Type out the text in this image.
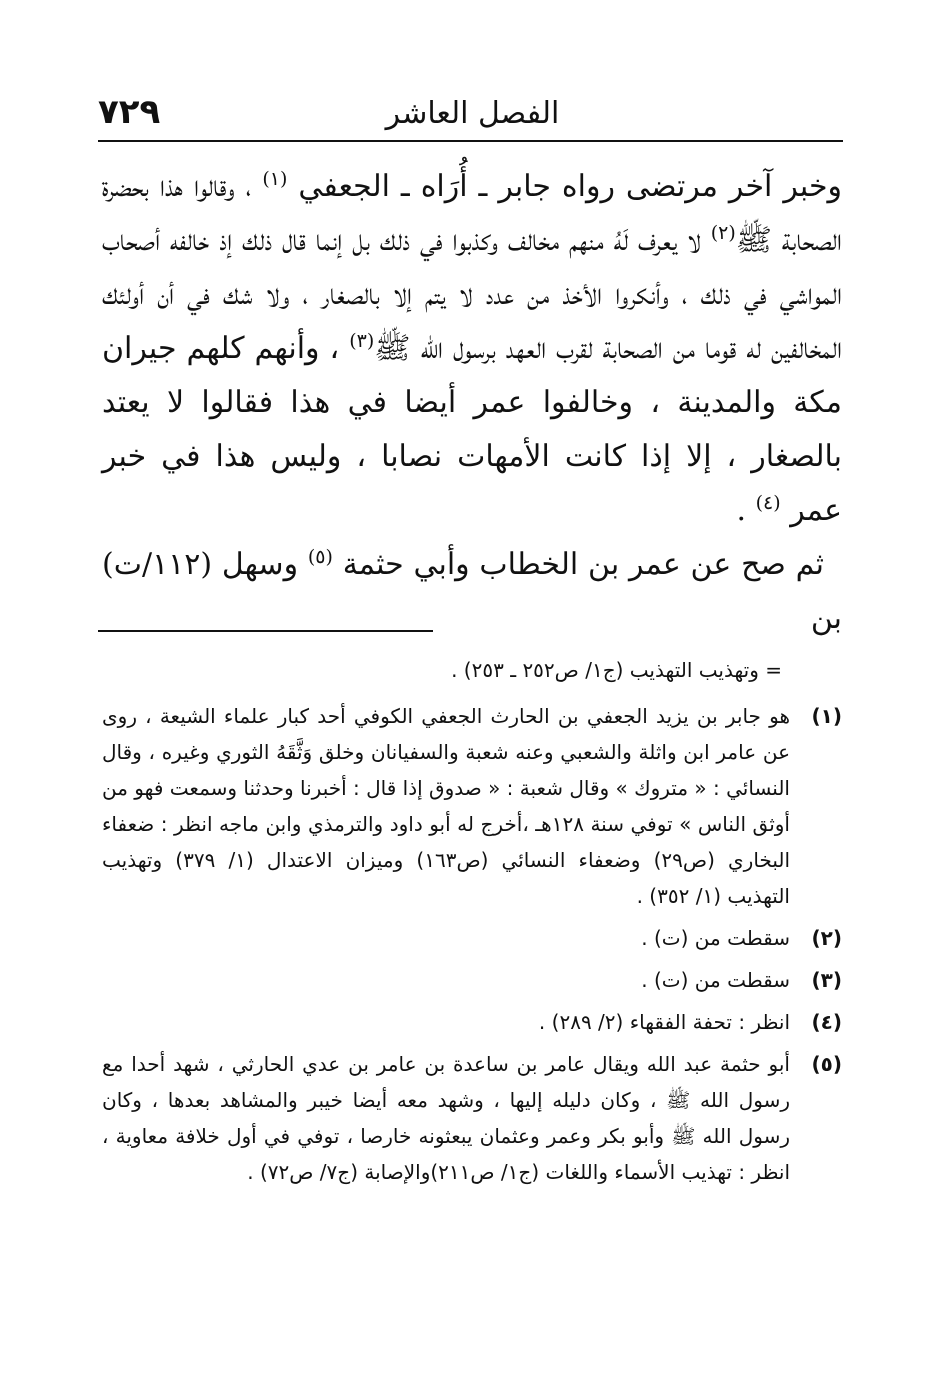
الفصل العاشر
٧٢٩

وخبر آخر مرتضى رواه جابر ـ أُرَاه ـ الجعفي $^{(١)}$ ، وقالوا هذا بحضرة الصحابة ﷺ$^{(٢)}$ لا يعرف لَهُ منهم مخالف وكذبوا في ذلك بل إنما قال ذلك إذ خالفه أصحاب المواشي في ذلك ، وأنكروا الأخذ من عدد لا يتم إلا بالصغار ، ولا شك في أن أولئك المخالفين له قوما من الصحابة لقرب العهد برسول الله ﷺ$^{(٣)}$ ، وأنهم كلهم جيران مكة والمدينة ، وخالفوا عمر أيضا في هذا فقالوا لا يعتد بالصغار ، إلا إذا كانت الأمهات نصابا ، وليس هذا في خبر عمر $^{(٤)}$ .

ثم صح عن عمر بن الخطاب وأبي حثمة $^{(٥)}$ وسهل (١١٢/ت) بن

= وتهذيب التهذيب (ج١/ ص٢٥٢ ـ ٢٥٣) .
(١)
هو جابر بن يزيد الجعفي بن الحارث الجعفي الكوفي أحد كبار علماء الشيعة ، روى عن عامر ابن واثلة والشعبي وعنه شعبة والسفيانان وخلق وَثَّقَهُ الثوري وغيره ، وقال النسائي : « متروك » وقال شعبة : « صدوق إذا قال : أخبرنا وحدثنا وسمعت فهو من أوثق الناس » توفي سنة ١٢٨هـ ،أخرج له أبو داود والترمذي وابن ماجه انظر : ضعفاء البخاري (ص٢٩) وضعفاء النسائي (ص١٦٣) وميزان الاعتدال (١/ ٣٧٩) وتهذيب التهذيب (١/ ٣٥٢) .
(٢)
سقطت من (ت) .
(٣)
سقطت من (ت) .
(٤)
انظر : تحفة الفقهاء (٢/ ٢٨٩) .
(٥)
أبو حثمة عبد الله ويقال عامر بن ساعدة بن عامر بن عدي الحارثي ، شهد أحدا مع رسول الله ﷺ ، وكان دليله إليها ، وشهد معه أيضا خيبر والمشاهد بعدها ، وكان رسول الله ﷺ وأبو بكر وعمر وعثمان يبعثونه خارصا ، توفي في أول خلافة معاوية ، انظر : تهذيب الأسماء واللغات (ج١/ ص٢١١)والإصابة (ج٧/ ص٧٢) .
